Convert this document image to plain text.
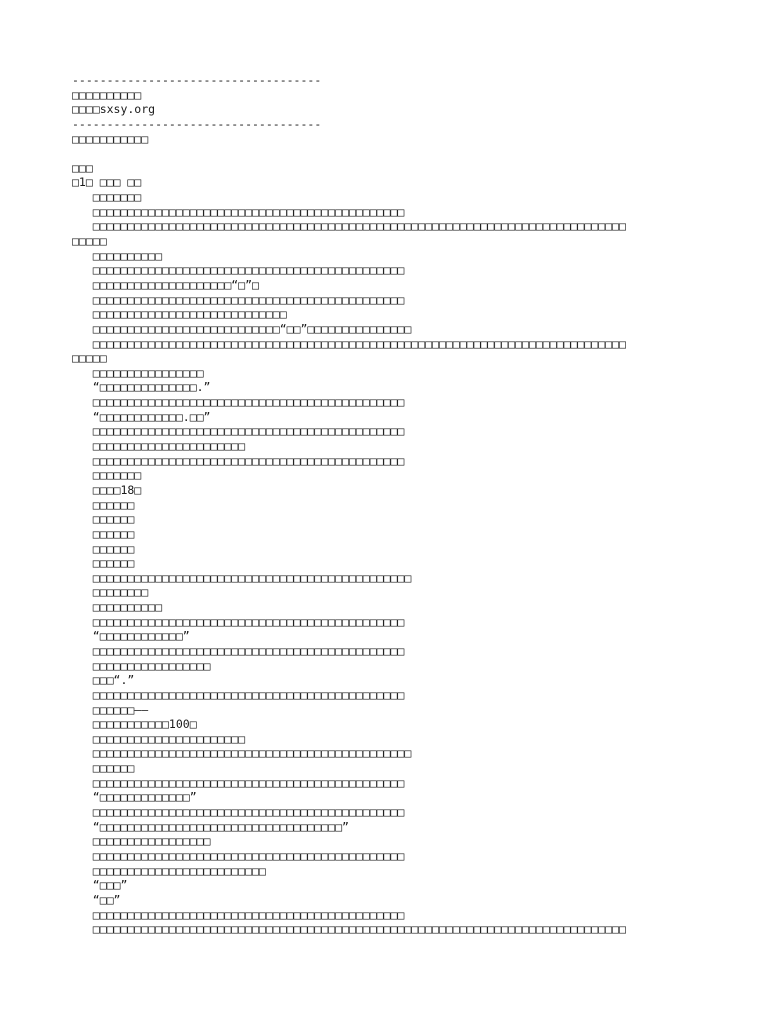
------------------------------------
□□□□□□□□□□
□□□□sxsy.org
------------------------------------
□□□□□□□□□□□
□□□
□1□ □□□ □□
□□□□□□□
□□□□□□□□□□□□□□□□□□□□□□□□□□□□□□□□□□□□□□□□□□□□□
□□□□□□□□□□□□□□□□□□□□□□□□□□□□□□□□□□□□□□□□□□□□□□□□□□□□□□□□□□□□□□□□□□□□□□□□□□□□□
□□□□□
□□□□□□□□□□
□□□□□□□□□□□□□□□□□□□□□□□□□□□□□□□□□□□□□□□□□□□□□
□□□□□□□□□□□□□□□□□□□□“□”□
□□□□□□□□□□□□□□□□□□□□□□□□□□□□□□□□□□□□□□□□□□□□□
□□□□□□□□□□□□□□□□□□□□□□□□□□□□
□□□□□□□□□□□□□□□□□□□□□□□□□□□“□□”□□□□□□□□□□□□□□□
□□□□□□□□□□□□□□□□□□□□□□□□□□□□□□□□□□□□□□□□□□□□□□□□□□□□□□□□□□□□□□□□□□□□□□□□□□□□□
□□□□□
□□□□□□□□□□□□□□□□
“□□□□□□□□□□□□□□.”
□□□□□□□□□□□□□□□□□□□□□□□□□□□□□□□□□□□□□□□□□□□□□
“□□□□□□□□□□□□.□□”
□□□□□□□□□□□□□□□□□□□□□□□□□□□□□□□□□□□□□□□□□□□□□
□□□□□□□□□□□□□□□□□□□□□□
□□□□□□□□□□□□□□□□□□□□□□□□□□□□□□□□□□□□□□□□□□□□□
□□□□□□□
□□□□18□
□□□□□□
□□□□□□
□□□□□□
□□□□□□
□□□□□□
□□□□□□□□□□□□□□□□□□□□□□□□□□□□□□□□□□□□□□□□□□□□□□
□□□□□□□□
□□□□□□□□□□
□□□□□□□□□□□□□□□□□□□□□□□□□□□□□□□□□□□□□□□□□□□□□
“□□□□□□□□□□□□”
□□□□□□□□□□□□□□□□□□□□□□□□□□□□□□□□□□□□□□□□□□□□□
□□□□□□□□□□□□□□□□□
□□□“.”
□□□□□□□□□□□□□□□□□□□□□□□□□□□□□□□□□□□□□□□□□□□□□
□□□□□□——
□□□□□□□□□□□100□
□□□□□□□□□□□□□□□□□□□□□□
□□□□□□□□□□□□□□□□□□□□□□□□□□□□□□□□□□□□□□□□□□□□□□
□□□□□□
□□□□□□□□□□□□□□□□□□□□□□□□□□□□□□□□□□□□□□□□□□□□□
“□□□□□□□□□□□□□”
□□□□□□□□□□□□□□□□□□□□□□□□□□□□□□□□□□□□□□□□□□□□□
“□□□□□□□□□□□□□□□□□□□□□□□□□□□□□□□□□□□”
□□□□□□□□□□□□□□□□□
□□□□□□□□□□□□□□□□□□□□□□□□□□□□□□□□□□□□□□□□□□□□□
□□□□□□□□□□□□□□□□□□□□□□□□□
“□□□”
“□□”
□□□□□□□□□□□□□□□□□□□□□□□□□□□□□□□□□□□□□□□□□□□□□
□□□□□□□□□□□□□□□□□□□□□□□□□□□□□□□□□□□□□□□□□□□□□□□□□□□□□□□□□□□□□□□□□□□□□□□□□□□□□
